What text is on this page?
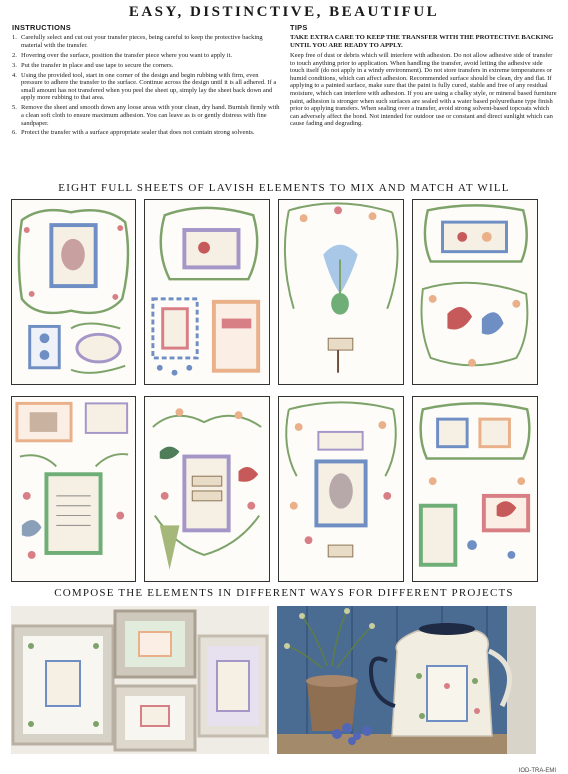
EASY, DISTINCTIVE, BEAUTIFUL
INSTRUCTIONS
1. Carefully select and cut out your transfer pieces, being careful to keep the protective backing material with the transfer.
2. Hovering over the surface, position the transfer piece where you want to apply it.
3. Put the transfer in place and use tape to secure the corners.
4. Using the provided tool, start in one corner of the design and begin rubbing with firm, even pressure to adhere the transfer to the surface. Continue across the design until it is all adhered. If a small amount has not transfered when you peel the sheet up, simply lay the sheet back down and apply more rubbing to that area.
5. Remove the sheet and smooth down any loose areas with your clean, dry hand. Burnish firmly with a clean soft cloth to ensure maximum adhesion. You can leave as is or gently distress with fine sandpaper.
6. Protect the transfer with a surface appropriate sealer that does not contain strong solvents.
TIPS
TAKE EXTRA CARE TO KEEP THE TRANSFER WITH THE PROTECTIVE BACKING UNTIL YOU ARE READY TO APPLY.
Keep free of dust or debris which will interfere with adhesion. Do not allow adhesive side of transfer to touch anything prior to application. When handling the transfer, avoid letting the adhesive side touch itself (do not apply in a windy environment). Do not store transfers in extreme temperatures or humid conditions, which can affect adhesion. Recommended surface should be clean, dry and flat. If applying to a painted surface, make sure that the paint is fully cured, stable and free of any residual moisture, which can interfere with adhesion. If you are using a chalky style, or mineral based furniture paint, adhesion is stronger when such surfaces are sealed with a water based polyurethane type finish prior to applying transfers. When sealing over a transfer, avoid strong solvent-based topcoats which can adversely affect the bond. Not intended for outdoor use or constant and direct sunlight which can cause fading and degrading.
EIGHT FULL SHEETS OF LAVISH ELEMENTS TO MIX AND MATCH AT WILL
COMPOSE THE ELEMENTS IN DIFFERENT WAYS FOR DIFFERENT PROJECTS
IOD-TRA-EMI
